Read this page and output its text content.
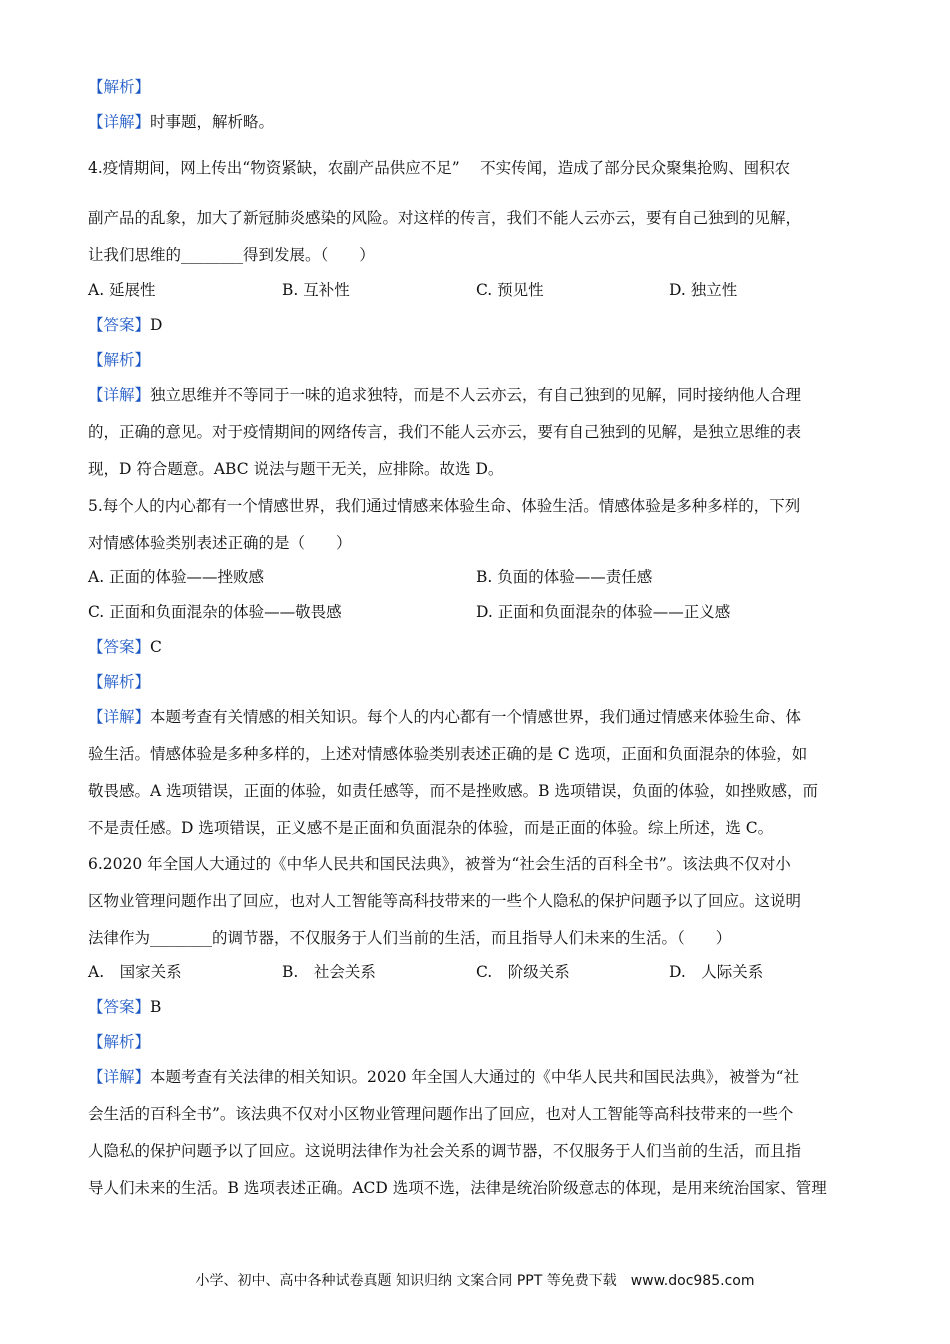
【解析】
【详解】时事题，解析略。
4.疫情期间，网上传出“物资紧缺，农副产品供应不足”　 不实传闻，造成了部分民众聚集抢购、囤积农
副产品的乱象，加大了新冠肺炎感染的风险。对这样的传言，我们不能人云亦云，要有自己独到的见解，
让我们思维的________得到发展。（　　）
A. 延展性	B. 互补性	C. 预见性	D. 独立性
【答案】D
【解析】
【详解】独立思维并不等同于一味的追求独特，而是不人云亦云，有自己独到的见解，同时接纳他人合理
的，正确的意见。对于疫情期间的网络传言，我们不能人云亦云，要有自己独到的见解，是独立思维的表
现，D 符合题意。ABC 说法与题干无关，应排除。故选 D。
5.每个人的内心都有一个情感世界，我们通过情感来体验生命、体验生活。情感体验是多种多样的，下列
对情感体验类别表述正确的是（　　）
A. 正面的体验——挫败感	B. 负面的体验——责任感
C. 正面和负面混杂的体验——敬畏感	D. 正面和负面混杂的体验——正义感
【答案】C
【解析】
【详解】本题考查有关情感的相关知识。每个人的内心都有一个情感世界，我们通过情感来体验生命、体
验生活。情感体验是多种多样的，上述对情感体验类别表述正确的是 C 选项，正面和负面混杂的体验，如
敬畏感。A 选项错误，正面的体验，如责任感等，而不是挫败感。B 选项错误，负面的体验，如挫败感，而
不是责任感。D 选项错误，正义感不是正面和负面混杂的体验，而是正面的体验。综上所述，选 C。
6.2020 年全国人大通过的《中华人民共和国民法典》，被誉为“社会生活的百科全书”。该法典不仅对小
区物业管理问题作出了回应，也对人工智能等高科技带来的一些个人隐私的保护问题予以了回应。这说明
法律作为________的调节器，不仅服务于人们当前的生活，而且指导人们未来的生活。（　　）
A.　国家关系	B.　社会关系	C.　阶级关系	D.　人际关系
【答案】B
【解析】
【详解】本题考查有关法律的相关知识。2020 年全国人大通过的《中华人民共和国民法典》，被誉为“社
会生活的百科全书”。该法典不仅对小区物业管理问题作出了回应，也对人工智能等高科技带来的一些个
人隐私的保护问题予以了回应。这说明法律作为社会关系的调节器，不仅服务于人们当前的生活，而且指
导人们未来的生活。B 选项表述正确。ACD 选项不选，法律是统治阶级意志的体现，是用来统治国家、管理
小学、初中、高中各种试卷真题 知识归纳 文案合同 PPT 等免费下载　www.doc985.com
